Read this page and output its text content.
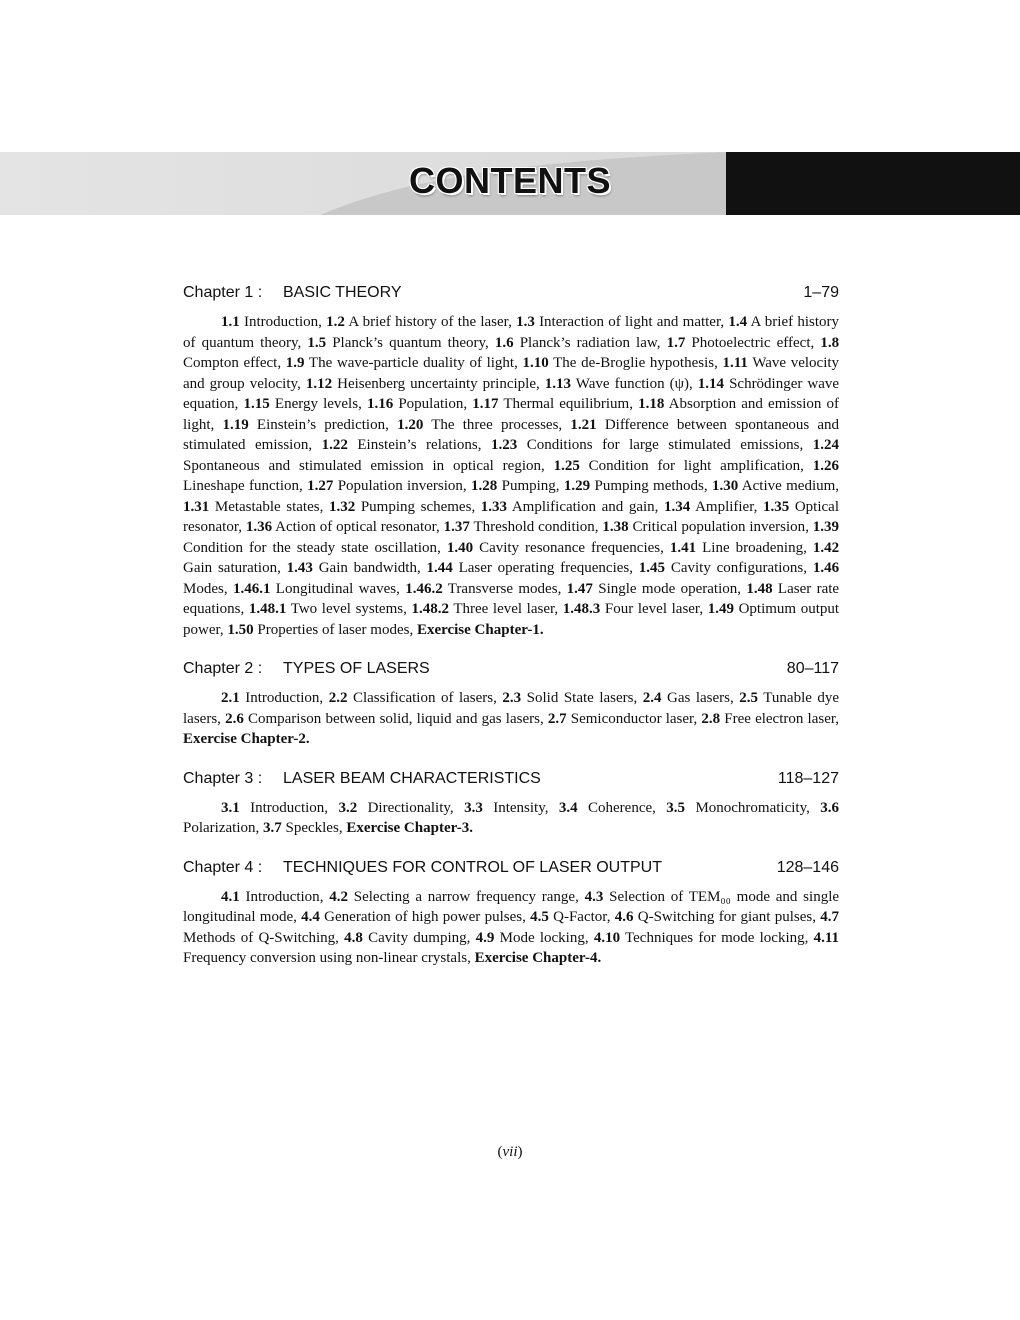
CONTENTS
Chapter 1 :	BASIC THEORY	1–79

1.1 Introduction, 1.2 A brief history of the laser, 1.3 Interaction of light and matter, 1.4 A brief history of quantum theory, 1.5 Planck’s quantum theory, 1.6 Planck’s radiation law, 1.7 Photoelectric effect, 1.8 Compton effect, 1.9 The wave-particle duality of light, 1.10 The de-Broglie hypothesis, 1.11 Wave velocity and group velocity, 1.12 Heisenberg uncertainty principle, 1.13 Wave function (ψ), 1.14 Schrödinger wave equation, 1.15 Energy levels, 1.16 Population, 1.17 Thermal equilibrium, 1.18 Absorption and emission of light, 1.19 Einstein’s prediction, 1.20 The three processes, 1.21 Difference between spontaneous and stimulated emission, 1.22 Einstein’s relations, 1.23 Conditions for large stimulated emissions, 1.24 Spontaneous and stimulated emission in optical region, 1.25 Condition for light amplification, 1.26 Lineshape function, 1.27 Population inversion, 1.28 Pumping, 1.29 Pumping methods, 1.30 Active medium, 1.31 Metastable states, 1.32 Pumping schemes, 1.33 Amplification and gain, 1.34 Amplifier, 1.35 Optical resonator, 1.36 Action of optical resonator, 1.37 Threshold condition, 1.38 Critical population inversion, 1.39 Condition for the steady state oscillation, 1.40 Cavity resonance frequencies, 1.41 Line broadening, 1.42 Gain saturation, 1.43 Gain bandwidth, 1.44 Laser operating frequencies, 1.45 Cavity configurations, 1.46 Modes, 1.46.1 Longitudinal waves, 1.46.2 Transverse modes, 1.47 Single mode operation, 1.48 Laser rate equations, 1.48.1 Two level systems, 1.48.2 Three level laser, 1.48.3 Four level laser, 1.49 Optimum output power, 1.50 Properties of laser modes, Exercise Chapter-1.

Chapter 2 :	TYPES OF LASERS	80–117

2.1 Introduction, 2.2 Classification of lasers, 2.3 Solid State lasers, 2.4 Gas lasers, 2.5 Tunable dye lasers, 2.6 Comparison between solid, liquid and gas lasers, 2.7 Semiconductor laser, 2.8 Free electron laser, Exercise Chapter-2.

Chapter 3 :	LASER BEAM CHARACTERISTICS	118–127

3.1 Introduction, 3.2 Directionality, 3.3 Intensity, 3.4 Coherence, 3.5 Monochromaticity, 3.6 Polarization, 3.7 Speckles, Exercise Chapter-3.

Chapter 4 :	TECHNIQUES FOR CONTROL OF LASER OUTPUT	128–146

4.1 Introduction, 4.2 Selecting a narrow frequency range, 4.3 Selection of TEM₀₀ mode and single longitudinal mode, 4.4 Generation of high power pulses, 4.5 Q-Factor, 4.6 Q-Switching for giant pulses, 4.7 Methods of Q-Switching, 4.8 Cavity dumping, 4.9 Mode locking, 4.10 Techniques for mode locking, 4.11 Frequency conversion using non-linear crystals, Exercise Chapter-4.

(vii)
